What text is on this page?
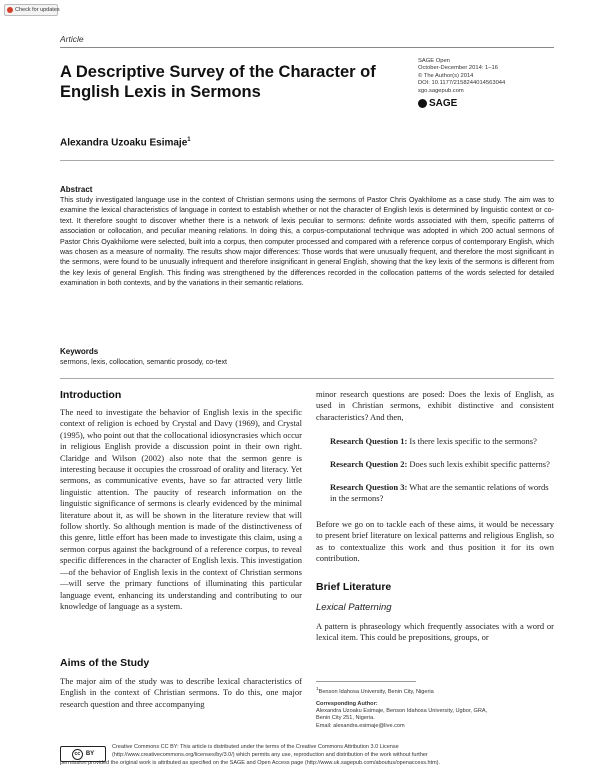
Check for updates
Article
A Descriptive Survey of the Character of English Lexis in Sermons
SAGE Open
October-December 2014: 1–16
© The Author(s) 2014
DOI: 10.1177/2158244014563044
sgo.sagepub.com
SAGE
Alexandra Uzoaku Esimaje$^1$
Abstract
This study investigated language use in the context of Christian sermons using the sermons of Pastor Chris Oyakhilome as a case study. The aim was to examine the lexical characteristics of language in context to establish whether or not the character of English lexis is determined by linguistic context or co-text. It therefore sought to discover whether there is a network of lexis peculiar to sermons: definite words associated with them, specific patterns of association or collocation, and peculiar meaning relations. In doing this, a corpus-computational technique was adopted in which 200 actual sermons of Pastor Chris Oyakhilome were selected, built into a corpus, then computer processed and compared with a reference corpus of contemporary English, which was chosen as a measure of normality. The results show major differences: Those words that were unusually frequent, and therefore the most significant in the sermons, were found to be unusually infrequent and therefore insignificant in general English, showing that the key lexis of the sermons is different from the key lexis of general English. This finding was strengthened by the differences recorded in the collocation patterns of the words selected for detailed examination in both contexts, and by the variations in their semantic relations.
Keywords
sermons, lexis, collocation, semantic prosody, co-text
Introduction
The need to investigate the behavior of English lexis in the specific context of religion is echoed by Crystal and Davy (1969), and Crystal (1995), who point out that the collocational idiosyncrasies which occur in religious English provide a discussion point in their own right. Claridge and Wilson (2002) also note that the sermon genre is interesting because it occupies the crossroad of orality and literacy. Yet sermons, as communicative events, have so far attracted very little linguistic attention. The paucity of research information on the linguistic significance of sermons is clearly evidenced by the minimal literature about it, as will be shown in the literature review that will follow shortly. So although mention is made of the distinctiveness of this genre, little effort has been made to investigate this claim, using a sermon corpus against the background of a reference corpus, to reveal specific differences in the character of English lexis. This investigation—of the behavior of English lexis in the context of Christian sermons—will serve the primary functions of illuminating this particular language event, enhancing its understanding and contributing to our knowledge of language as a system.
Aims of the Study
The major aim of the study was to describe lexical characteristics of English in the context of Christian sermons. To do this, one major research question and three accompanying
minor research questions are posed: Does the lexis of English, as used in Christian sermons, exhibit distinctive and consistent characteristics? And then,
Research Question 1: Is there lexis specific to the sermons?
Research Question 2: Does such lexis exhibit specific patterns?
Research Question 3: What are the semantic relations of words in the sermons?
Before we go on to tackle each of these aims, it would be necessary to present brief literature on lexical patterns and religious English, so as to contextualize this work and thus position it for its own contribution.
Brief Literature
Lexical Patterning
A pattern is phraseology which frequently associates with a word or lexical item. This could be prepositions, groups, or
$^1$Benson Idahosa University, Benin City, Nigeria
Corresponding Author:
Alexandra Uzoaku Esimaje, Benson Idahosa University, Ugbor, GRA,
Benin City 251, Nigeria.
Email: alexandra.esimaje@live.com
cc BY
Creative Commons CC BY: This article is distributed under the terms of the Creative Commons Attribution 3.0 License
(http://www.creativecommons.org/licenses/by/3.0/) which permits any use, reproduction and distribution of the work without further
permission provided the original work is attributed as specified on the SAGE and Open Access page (http://www.uk.sagepub.com/aboutus/openaccess.htm).
